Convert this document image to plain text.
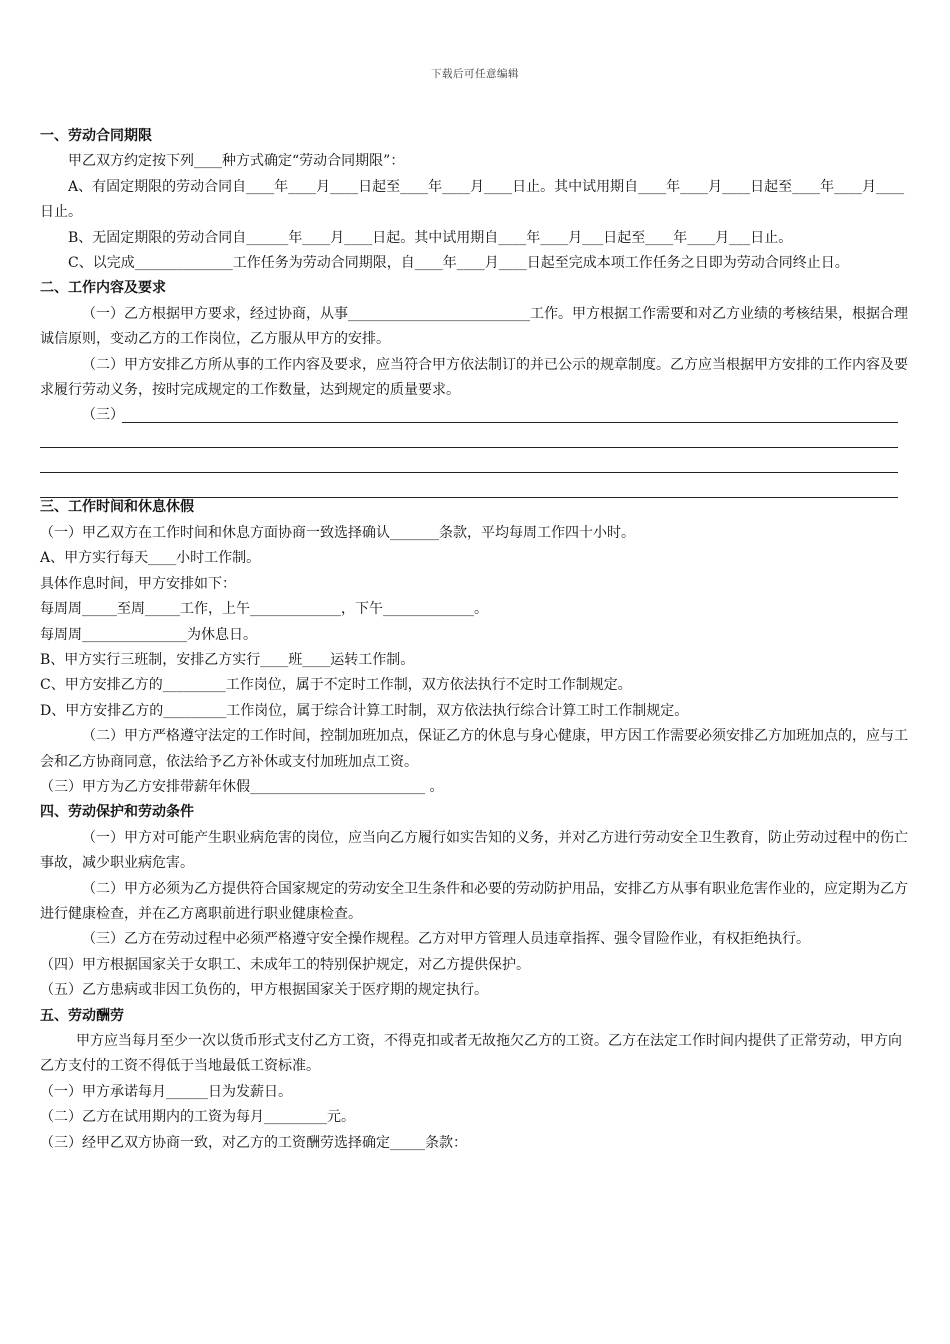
下载后可任意编辑

一、劳动合同期限

甲乙双方约定按下列____种方式确定“劳动合同期限”：

A、有固定期限的劳动合同自____年____月____日起至____年____月____日止。其中试用期自____年____月____日起至____年____月____日止。

B、无固定期限的劳动合同自______年____月____日起。其中试用期自____年____月___日起至____年____月___日止。

C、以完成______________工作任务为劳动合同期限，自____年____月____日起至完成本项工作任务之日即为劳动合同终止日。

二、工作内容及要求

（一）乙方根据甲方要求，经过协商，从事__________________________工作。甲方根据工作需要和对乙方业绩的考核结果，根据合理诚信原则，变动乙方的工作岗位，乙方服从甲方的安排。

（二）甲方安排乙方所从事的工作内容及要求，应当符合甲方依法制订的并已公示的规章制度。乙方应当根据甲方安排的工作内容及要求履行劳动义务，按时完成规定的工作数量，达到规定的质量要求。

（三）

三、工作时间和休息休假

（一）甲乙双方在工作时间和休息方面协商一致选择确认_______条款，平均每周工作四十小时。

A、甲方实行每天____小时工作制。

具体作息时间，甲方安排如下：

每周周_____至周_____工作，上午_____________，下午_____________。

每周周_______________为休息日。

B、甲方实行三班制，安排乙方实行____班____运转工作制。

C、甲方安排乙方的_________工作岗位，属于不定时工作制，双方依法执行不定时工作制规定。

D、甲方安排乙方的_________工作岗位，属于综合计算工时制，双方依法执行综合计算工时工作制规定。

（二）甲方严格遵守法定的工作时间，控制加班加点，保证乙方的休息与身心健康，甲方因工作需要必须安排乙方加班加点的，应与工会和乙方协商同意，依法给予乙方补休或支付加班加点工资。

（三）甲方为乙方安排带薪年休假_________________________ 。

四、劳动保护和劳动条件

（一）甲方对可能产生职业病危害的岗位，应当向乙方履行如实告知的义务，并对乙方进行劳动安全卫生教育，防止劳动过程中的伤亡事故，减少职业病危害。

（二）甲方必须为乙方提供符合国家规定的劳动安全卫生条件和必要的劳动防护用品，安排乙方从事有职业危害作业的，应定期为乙方进行健康检查，并在乙方离职前进行职业健康检查。

（三）乙方在劳动过程中必须严格遵守安全操作规程。乙方对甲方管理人员违章指挥、强令冒险作业，有权拒绝执行。

（四）甲方根据国家关于女职工、未成年工的特别保护规定，对乙方提供保护。

（五）乙方患病或非因工负伤的，甲方根据国家关于医疗期的规定执行。

五、劳动酬劳

甲方应当每月至少一次以货币形式支付乙方工资，不得克扣或者无故拖欠乙方的工资。乙方在法定工作时间内提供了正常劳动，甲方向乙方支付的工资不得低于当地最低工资标准。

（一）甲方承诺每月______日为发薪日。

（二）乙方在试用期内的工资为每月_________元。

（三）经甲乙双方协商一致，对乙方的工资酬劳选择确定_____条款：
